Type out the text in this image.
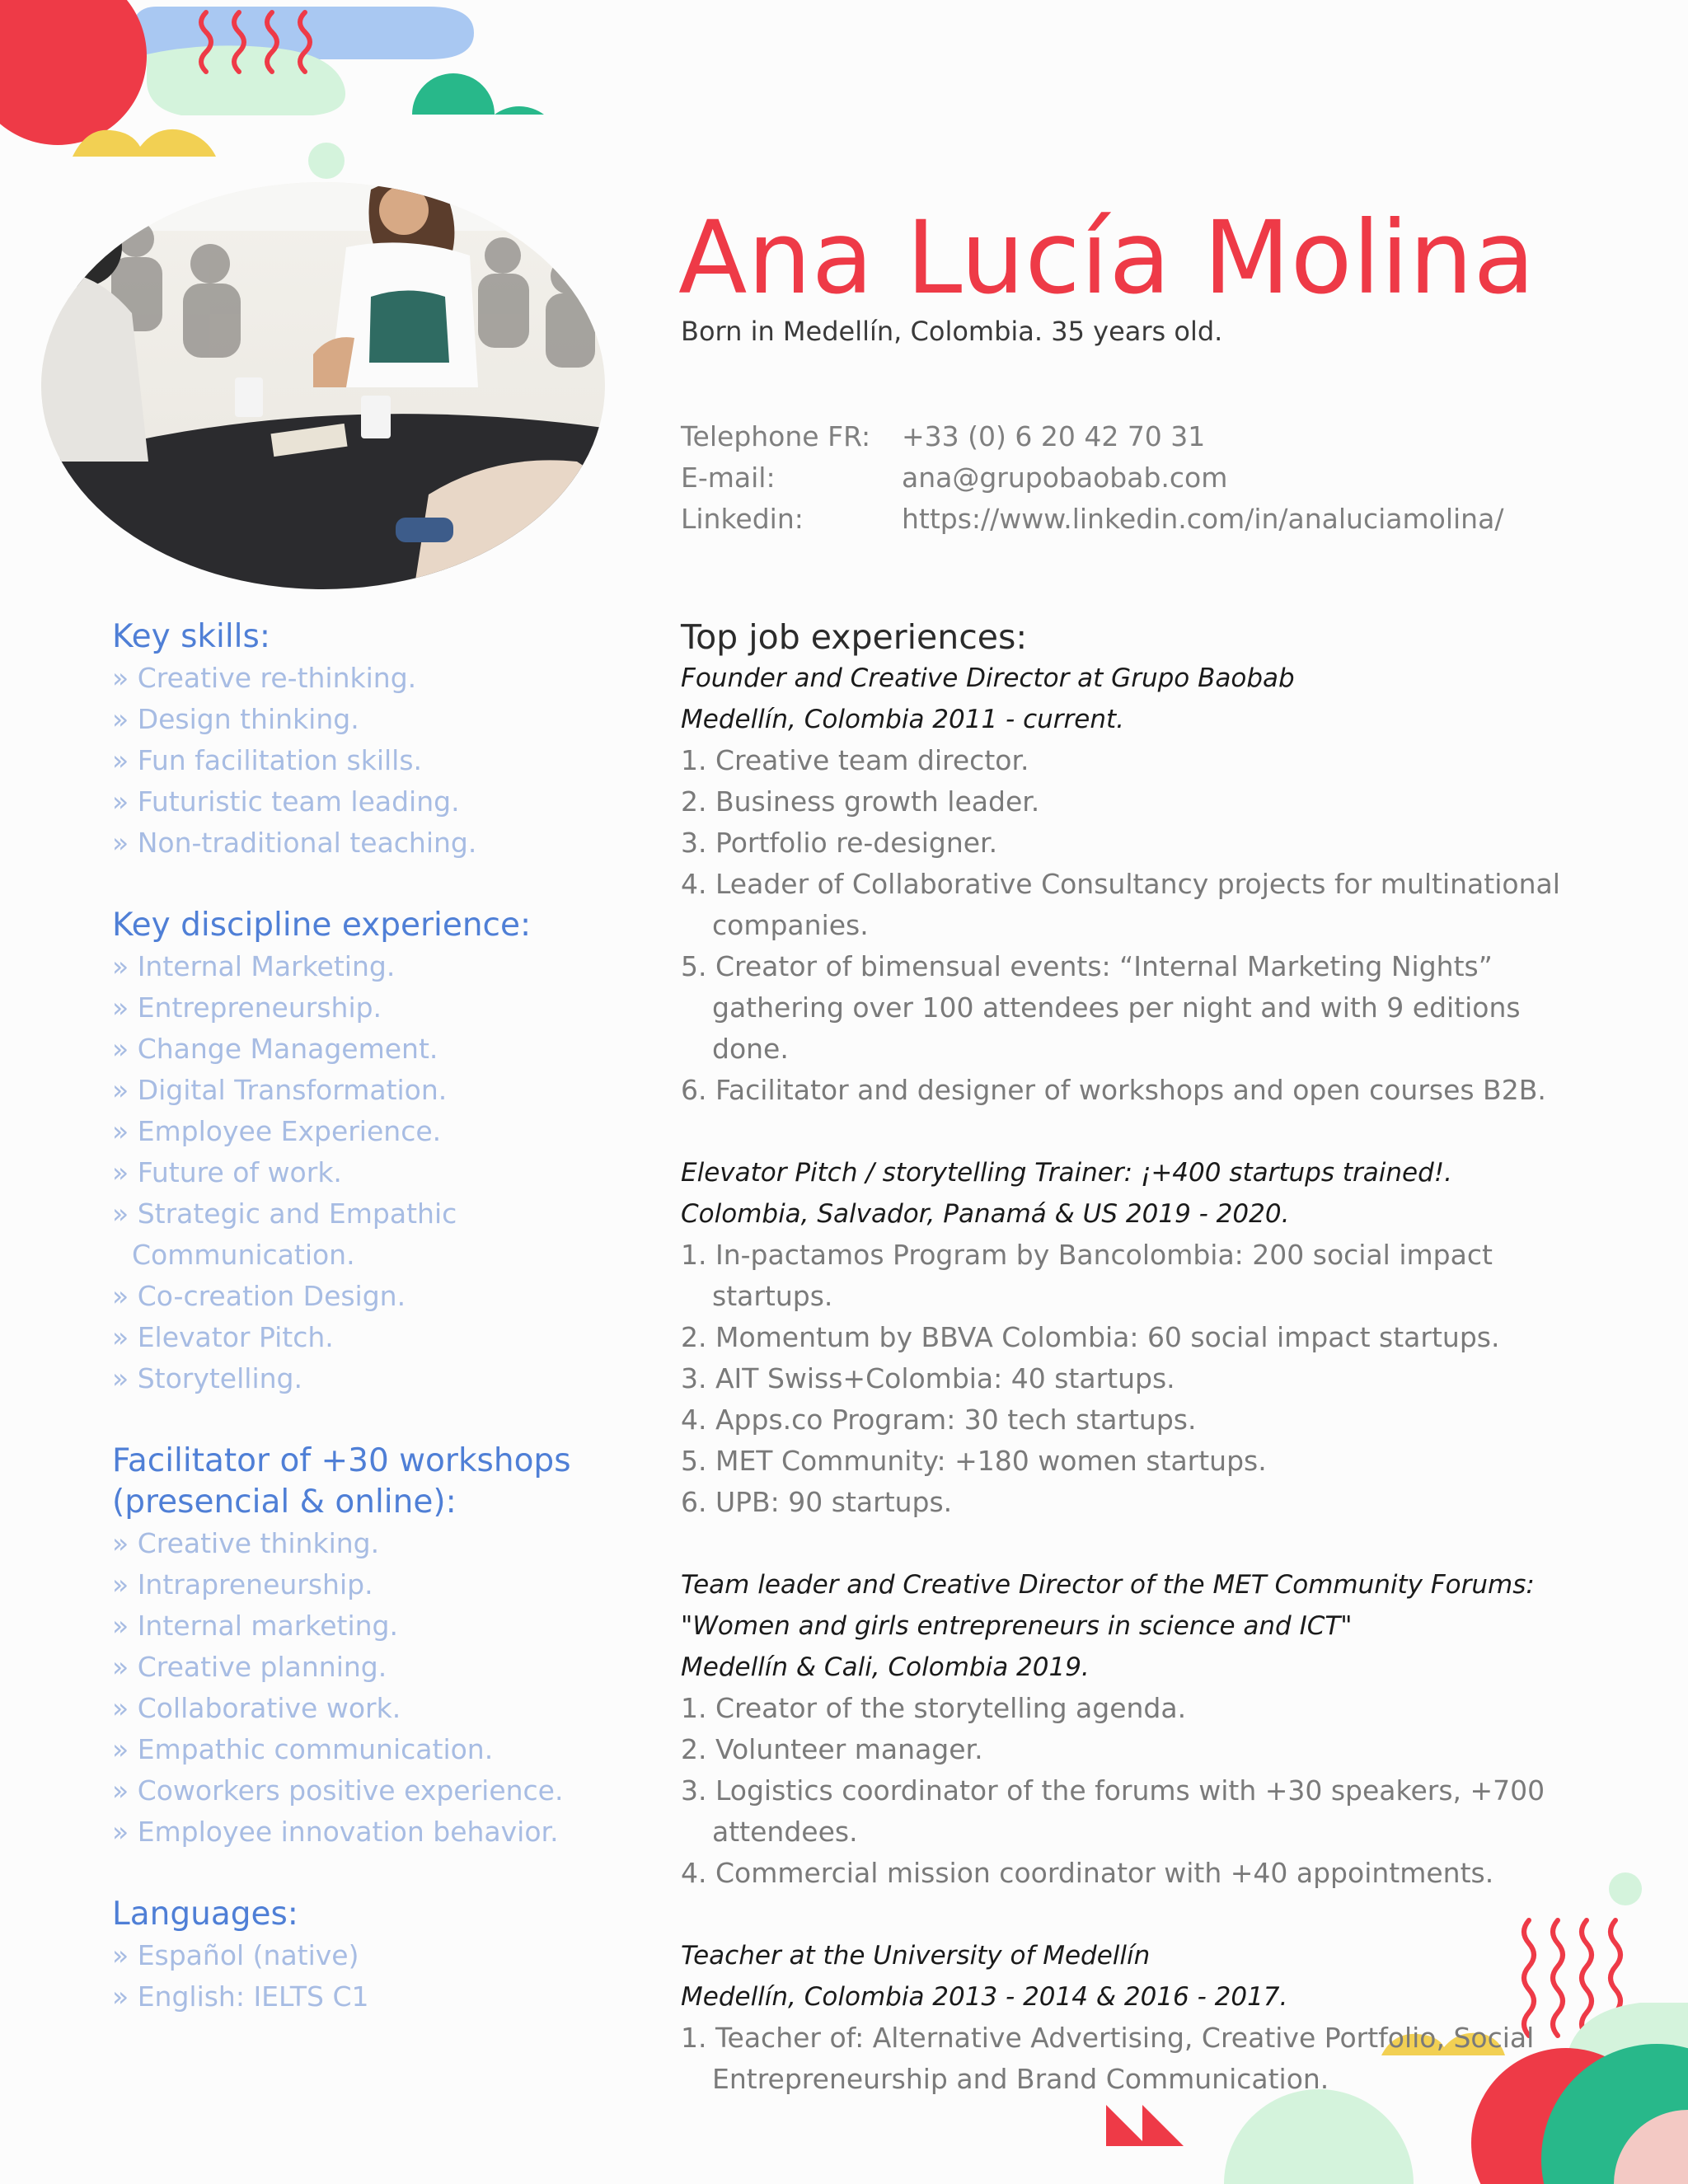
Ana Lucía Molina
Born in Medellín, Colombia. 35 years old.
Telephone FR:	+33 (0) 6 20 42 70 31
E-mail:	ana@grupobaobab.com
Linkedin:	https://www.linkedin.com/in/analuciamolina/
Key skills:
» Creative re-thinking.
» Design thinking.
» Fun facilitation skills.
» Futuristic team leading.
» Non-traditional teaching.
Key discipline experience:
» Internal Marketing.
» Entrepreneurship.
» Change Management.
» Digital Transformation.
» Employee Experience.
» Future of work.
» Strategic and Empathic Communication.
» Co-creation Design.
» Elevator Pitch.
» Storytelling.
Facilitator of +30 workshops (presencial & online):
» Creative thinking.
» Intrapreneurship.
» Internal marketing.
» Creative planning.
» Collaborative work.
» Empathic communication.
» Coworkers positive experience.
» Employee innovation behavior.
Languages:
» Español (native)
» English: IELTS C1
Top job experiences:

Founder and Creative Director at Grupo Baobab

Medellín, Colombia 2011 - current.

Creative team director.
Business growth leader.
Portfolio re-designer.
Leader of Collaborative Consultancy projects for multinational companies.
Creator of bimensual events: “Internal Marketing Nights” gathering over 100 attendees per night and with 9 editions done.
Facilitator and designer of workshops and open courses B2B.

Elevator Pitch / storytelling Trainer: ¡+400 startups trained!.

Colombia, Salvador, Panamá & US 2019 - 2020.

In-pactamos Program by Bancolombia: 200 social impact startups.
Momentum by BBVA Colombia: 60 social impact startups.
AIT Swiss+Colombia: 40 startups.
Apps.co Program: 30 tech startups.
MET Community: +180 women startups.
UPB: 90 startups.

Team leader and Creative Director of the MET Community Forums:

"Women and girls entrepreneurs in science and ICT"

Medellín & Cali, Colombia 2019.

Creator of the storytelling agenda.
Volunteer manager.
Logistics coordinator of the forums with +30 speakers, +700 attendees.
Commercial mission coordinator with +40 appointments.

Teacher at the University of Medellín

Medellín, Colombia 2013 - 2014 & 2016 - 2017.

Teacher of: Alternative Advertising, Creative Portfolio, Social Entrepreneurship and Brand Communication.
